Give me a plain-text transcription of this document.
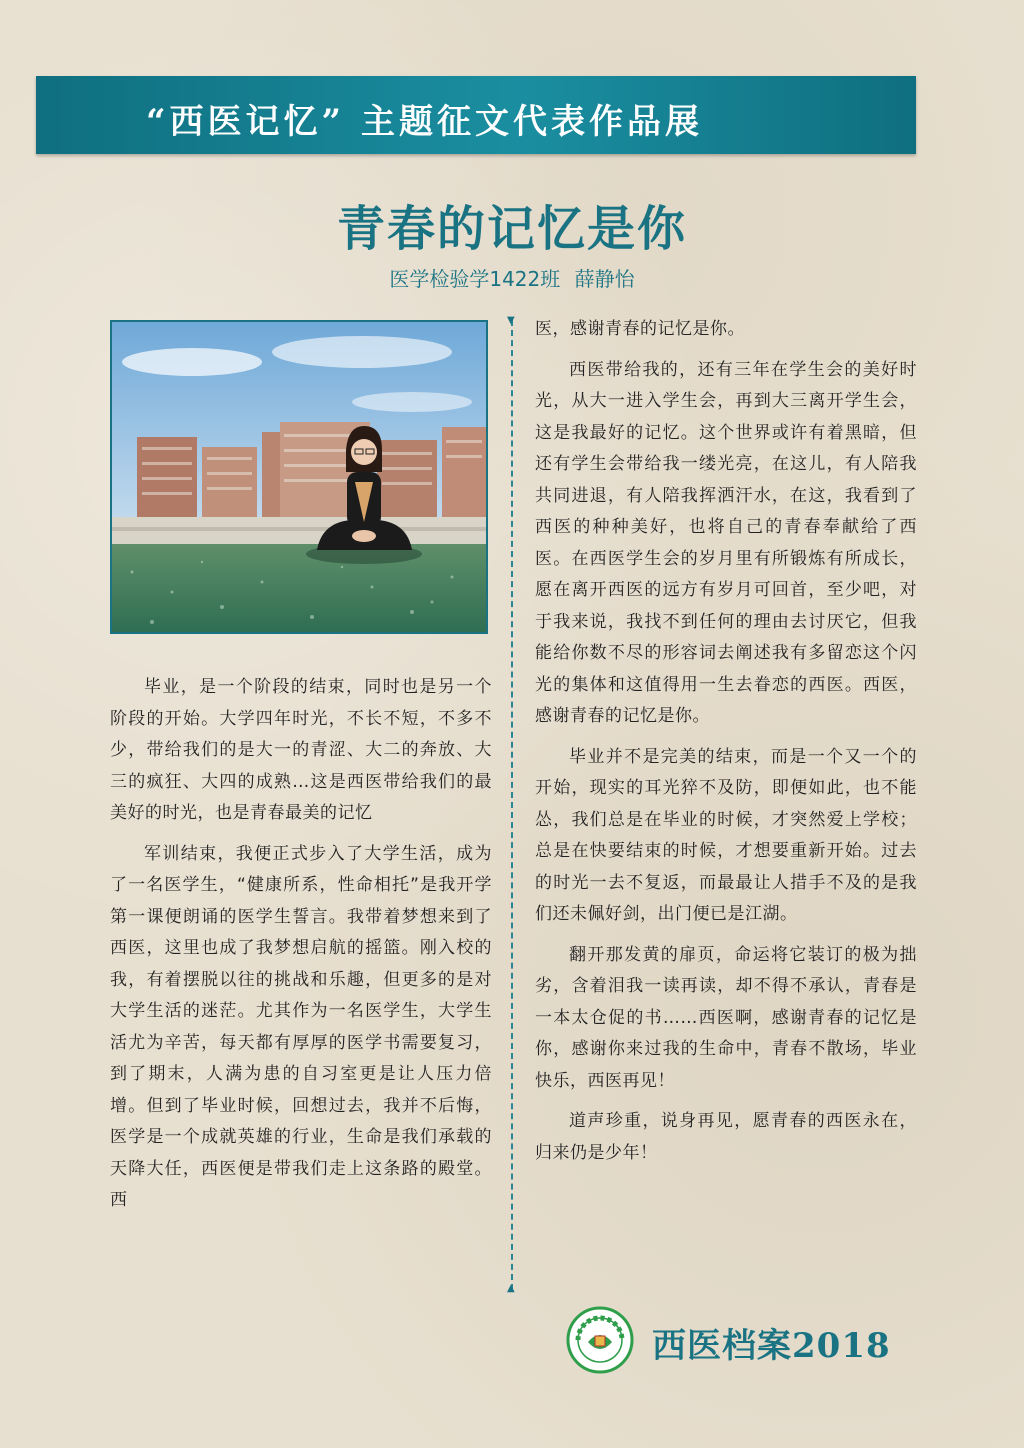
“西医记忆” 主题征文代表作品展
青春的记忆是你
医学检验学1422班 薛静怡
▼
▲

毕业，是一个阶段的结束，同时也是另一个阶段的开始。大学四年时光，不长不短，不多不少，带给我们的是大一的青涩、大二的奔放、大三的疯狂、大四的成熟…这是西医带给我们的最美好的时光，也是青春最美的记忆

军训结束，我便正式步入了大学生活，成为了一名医学生，“健康所系，性命相托”是我开学第一课便朗诵的医学生誓言。我带着梦想来到了西医，这里也成了我梦想启航的摇篮。刚入校的我，有着摆脱以往的挑战和乐趣，但更多的是对大学生活的迷茫。尤其作为一名医学生，大学生活尤为辛苦，每天都有厚厚的医学书需要复习，到了期末，人满为患的自习室更是让人压力倍增。但到了毕业时候，回想过去，我并不后悔，医学是一个成就英雄的行业，生命是我们承载的天降大任，西医便是带我们走上这条路的殿堂。西

医，感谢青春的记忆是你。

西医带给我的，还有三年在学生会的美好时光，从大一进入学生会，再到大三离开学生会，这是我最好的记忆。这个世界或许有着黑暗，但还有学生会带给我一缕光亮，在这儿，有人陪我共同进退，有人陪我挥洒汗水，在这，我看到了西医的种种美好，也将自己的青春奉献给了西医。在西医学生会的岁月里有所锻炼有所成长，愿在离开西医的远方有岁月可回首，至少吧，对于我来说，我找不到任何的理由去讨厌它，但我能给你数不尽的形容词去阐述我有多留恋这个闪光的集体和这值得用一生去眷恋的西医。西医，感谢青春的记忆是你。

毕业并不是完美的结束，而是一个又一个的开始，现实的耳光猝不及防，即便如此，也不能怂，我们总是在毕业的时候，才突然爱上学校；总是在快要结束的时候，才想要重新开始。过去的时光一去不复返，而最最让人措手不及的是我们还未佩好剑，出门便已是江湖。

翻开那发黄的扉页，命运将它装订的极为拙劣，含着泪我一读再读，却不得不承认，青春是一本太仓促的书……西医啊，感谢青春的记忆是你，感谢你来过我的生命中，青春不散场，毕业快乐，西医再见！

道声珍重，说身再见，愿青春的西医永在，归来仍是少年！

西医档案2018
